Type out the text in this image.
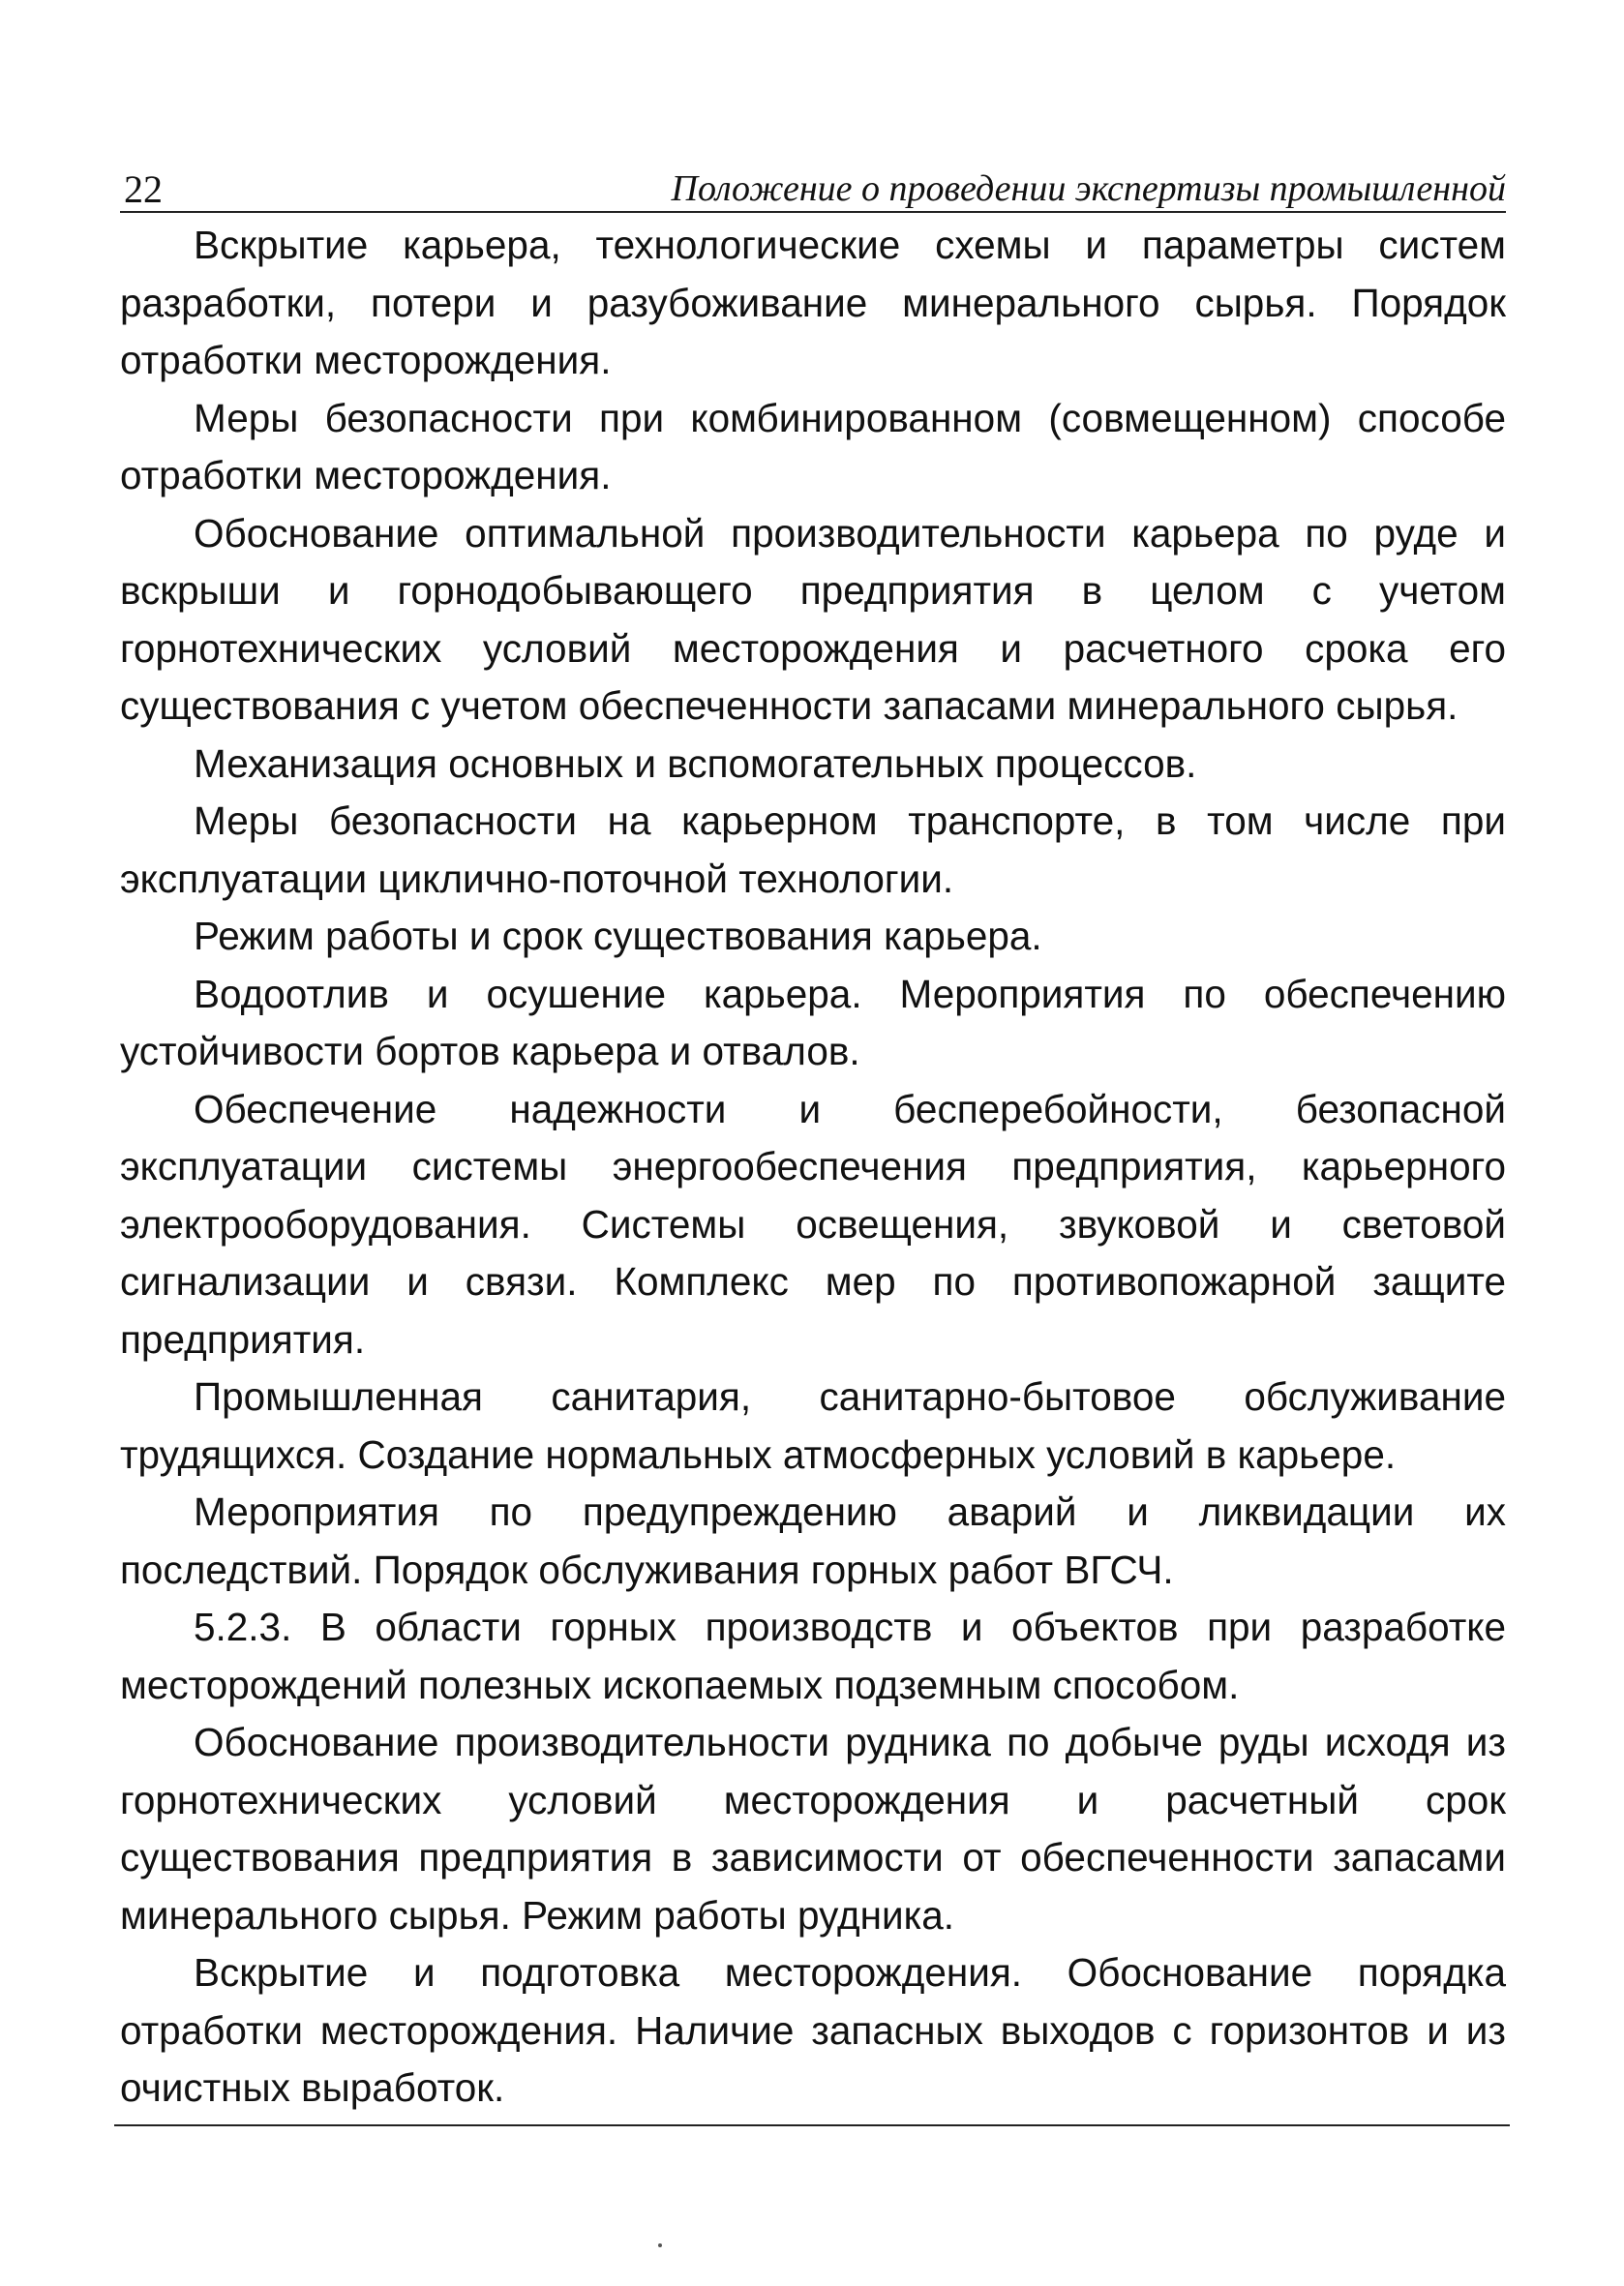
22	Положение о проведении экспертизы промышленной

Вскрытие карьера, технологические схемы и параметры систем разработки, потери и разубоживание минерального сырья. Порядок отработки месторождения.

Меры безопасности при комбинированном (совмещенном) способе отработки месторождения.

Обоснование оптимальной производительности карьера по руде и вскрыши и горнодобывающего предприятия в целом с учетом горнотехнических условий месторождения и расчетного срока его существования с учетом обеспеченности запасами минерального сырья.

Механизация основных и вспомогательных процессов.

Меры безопасности на карьерном транспорте, в том числе при эксплуатации циклично-поточной технологии.

Режим работы и срок существования карьера.

Водоотлив и осушение карьера. Мероприятия по обеспечению устойчивости бортов карьера и отвалов.

Обеспечение надежности и бесперебойности, безопасной эксплуатации системы энергообеспечения предприятия, карьерного электрооборудования. Системы освещения, звуковой и световой сигнализации и связи. Комплекс мер по противопожарной защите предприятия.

Промышленная санитария, санитарно-бытовое обслуживание трудящихся. Создание нормальных атмосферных условий в карьере.

Мероприятия по предупреждению аварий и ликвидации их последствий. Порядок обслуживания горных работ ВГСЧ.

5.2.3. В области горных производств и объектов при разработке месторождений полезных ископаемых подземным способом.

Обоснование производительности рудника по добыче руды исходя из горнотехнических условий месторождения и расчетный срок существования предприятия в зависимости от обеспеченности запасами минерального сырья. Режим работы рудника.

Вскрытие и подготовка месторождения. Обоснование порядка отработки месторождения. Наличие запасных выходов с горизонтов и из очистных выработок.
